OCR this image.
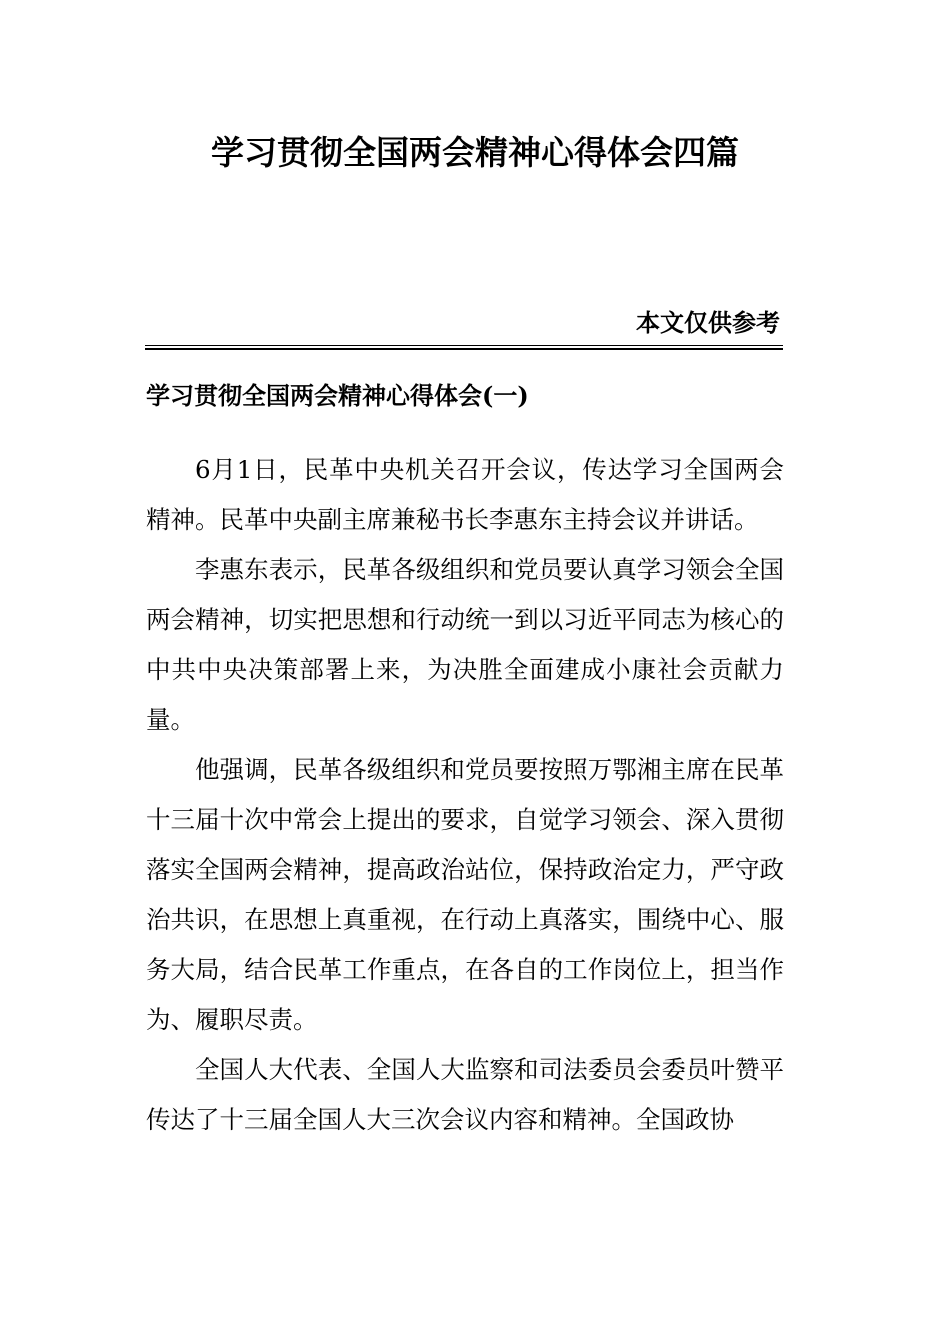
学习贯彻全国两会精神心得体会四篇
本文仅供参考
学习贯彻全国两会精神心得体会(一)

6月1日，民革中央机关召开会议，传达学习全国两会精神。民革中央副主席兼秘书长李惠东主持会议并讲话。

李惠东表示，民革各级组织和党员要认真学习领会全国两会精神，切实把思想和行动统一到以习近平同志为核心的中共中央决策部署上来，为决胜全面建成小康社会贡献力量。

他强调，民革各级组织和党员要按照万鄂湘主席在民革十三届十次中常会上提出的要求，自觉学习领会、深入贯彻落实全国两会精神，提高政治站位，保持政治定力，严守政治共识，在思想上真重视，在行动上真落实，围绕中心、服务大局，结合民革工作重点，在各自的工作岗位上，担当作为、履职尽责。

全国人大代表、全国人大监察和司法委员会委员叶赞平传达了十三届全国人大三次会议内容和精神。全国政协
